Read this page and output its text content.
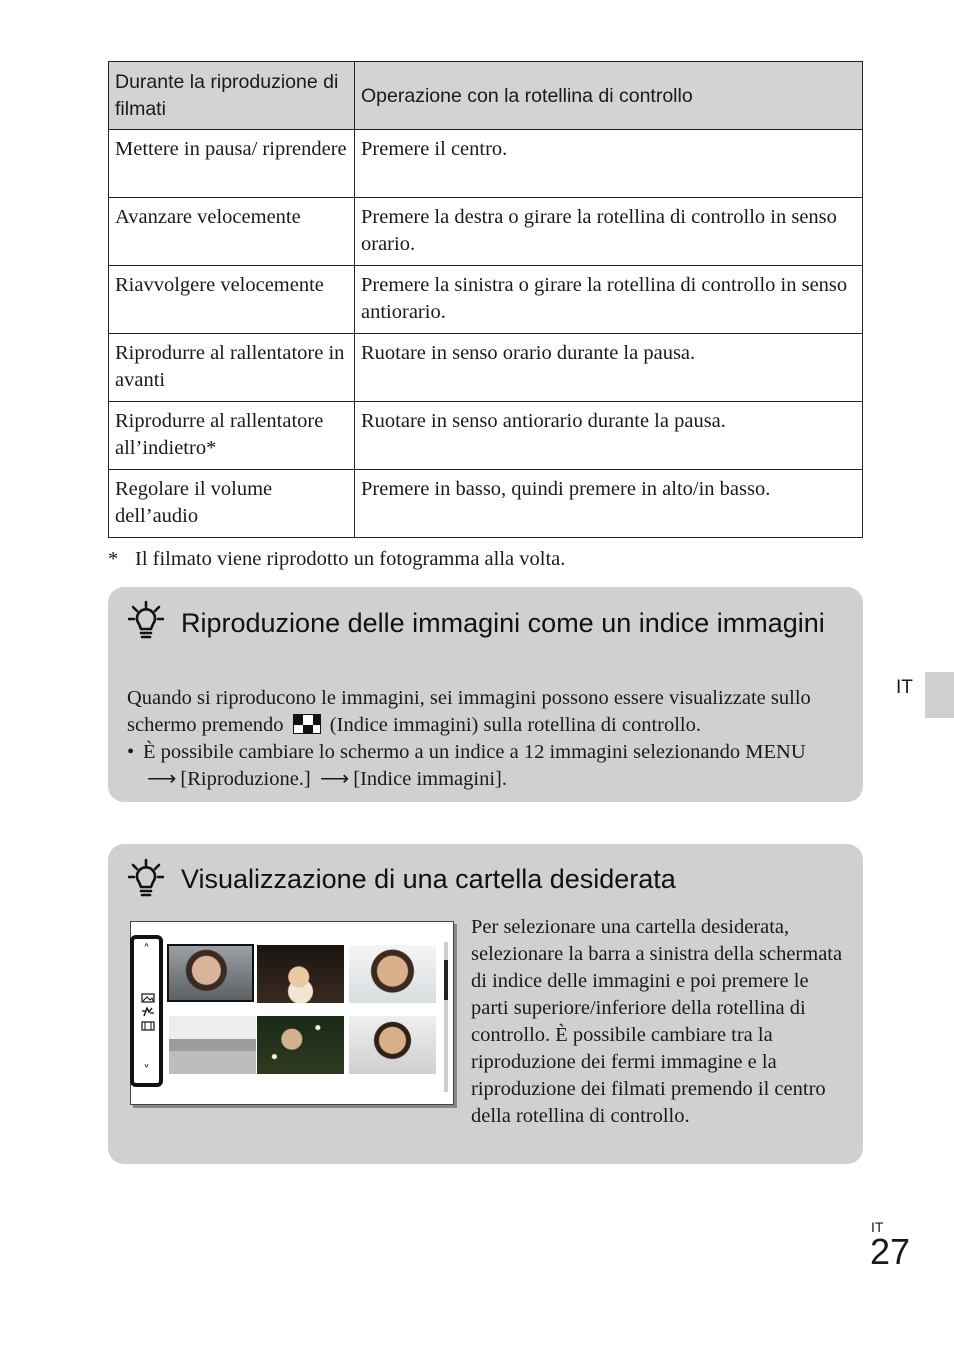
Durante la riproduzione di filmati	Operazione con la rotellina di controllo
Mettere in pausa/ riprendere	Premere il centro.
Avanzare velocemente	Premere la destra o girare la rotellina di controllo in senso orario.
Riavvolgere velocemente	Premere la sinistra o girare la rotellina di controllo in senso antiorario.
Riprodurre al rallentatore in avanti	Ruotare in senso orario durante la pausa.
Riprodurre al rallentatore all’indietro*	Ruotare in senso antiorario durante la pausa.
Regolare il volume dell’audio	Premere in basso, quindi premere in alto/in basso.
* Il filmato viene riprodotto un fotogramma alla volta.
Riproduzione delle immagini come un indice immagini
Quando si riproducono le immagini, sei immagini possono essere visualizzate sullo schermo premendo (Indice immagini) sulla rotellina di controllo.
• È possibile cambiare lo schermo a un indice a 12 immagini selezionando MENU ⟶ [Riproduzione.] ⟶ [Indice immagini].
Visualizzazione di una cartella desiderata
˄
˅
Per selezionare una cartella desiderata, selezionare la barra a sinistra della schermata di indice delle immagini e poi premere le parti superiore/inferiore della rotellina di controllo. È possibile cambiare tra la riproduzione dei fermi immagine e la riproduzione dei filmati premendo il centro della rotellina di controllo.
IT
IT
27
